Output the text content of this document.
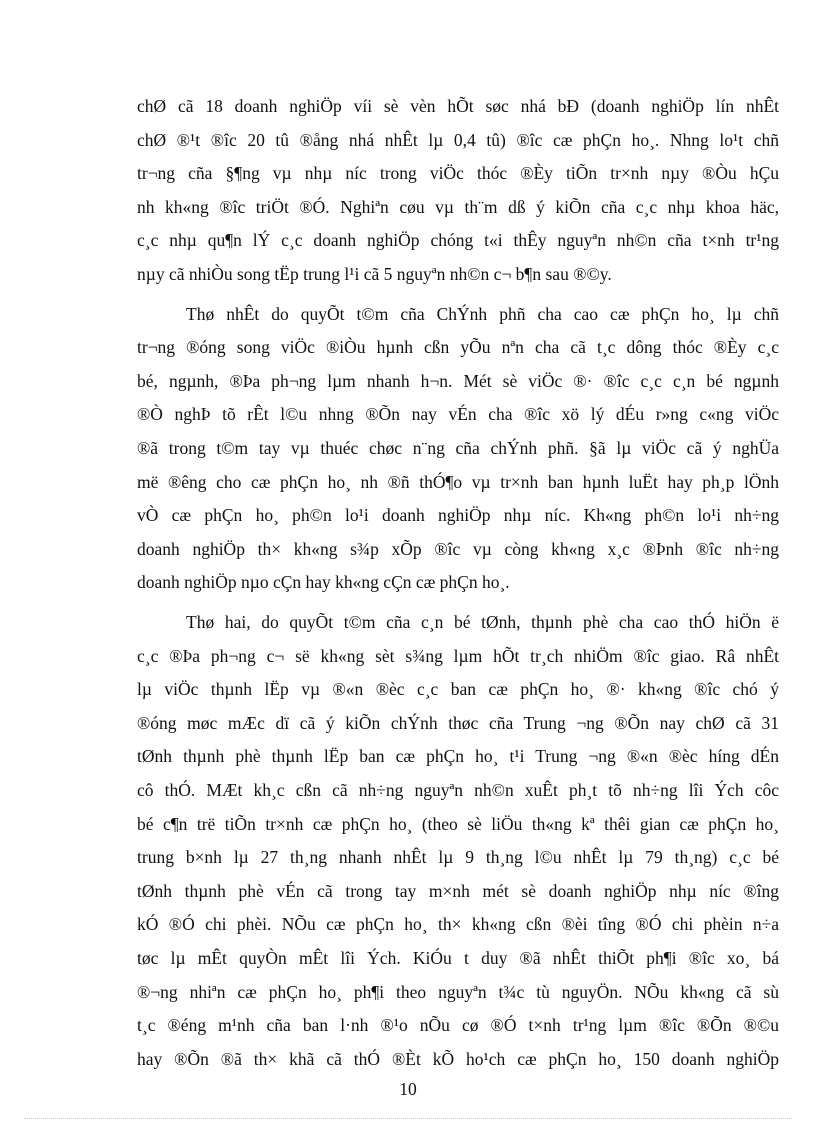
chØ cã 18 doanh nghiÖp víi sè vèn hÕt søc nhá bÐ (doanh nghiÖp lín nhÊt
chØ ®¹t ®îc 20 tû ®ång nhá nhÊt lµ 0,4 tû) ®îc cæ phÇn ho¸. Nhng lo¹t chñ
tr¬ng cña §¶ng vµ nhµ níc trong viÖc thóc ®Èy tiÕn tr×nh nµy ®Òu hÇu
nh kh«ng ®îc triÖt ®Ó. Nghiªn cøu vµ th¨m dß ý kiÕn cña c¸c nhµ khoa häc,
c¸c nhµ qu¶n lÝ c¸c doanh nghiÖp chóng t«i thÊy nguyªn nh©n cña t×nh tr¹ng
nµy cã nhiÒu song tËp trung l¹i cã 5 nguyªn nh©n c¬ b¶n sau ®©y.
Thø nhÊt do quyÕt t©m cña ChÝnh phñ cha cao cæ phÇn ho¸ lµ chñ
tr¬ng ®óng song viÖc ®iÒu hµnh cßn yÕu nªn cha cã t¸c dông thóc ®Èy c¸c
bé, ngµnh, ®Þa ph¬ng lµm nhanh h¬n. Mét sè viÖc ®· ®îc c¸c c¸n bé ngµnh
®Ò nghÞ tõ rÊt l©u nhng ®Õn nay vÉn cha ®îc xö lý dÉu r»ng c«ng viÖc
®ã trong t©m tay vµ thuéc chøc n¨ng cña chÝnh phñ. §ã lµ viÖc cã ý nghÜa
më ®êng cho cæ phÇn ho¸ nh ®ñ thÓ¶o vµ tr×nh ban hµnh luËt hay ph¸p lÖnh
vÒ cæ phÇn ho¸ ph©n lo¹i doanh nghiÖp nhµ níc. Kh«ng ph©n lo¹i nh÷ng
doanh nghiÖp th× kh«ng s¾p xÕp ®îc vµ còng kh«ng x¸c ®Þnh ®îc nh÷ng
doanh nghiÖp nµo cÇn hay kh«ng cÇn cæ phÇn ho¸.
Thø hai, do quyÕt t©m cña c¸n bé tØnh, thµnh phè cha cao thÓ hiÖn ë
c¸c ®Þa ph¬ng c¬ së kh«ng sèt s¾ng lµm hÕt tr¸ch nhiÖm ®îc giao. Râ nhÊt
lµ viÖc thµnh lËp vµ ®«n ®èc c¸c ban cæ phÇn ho¸ ®· kh«ng ®îc chó ý
®óng møc mÆc dï cã ý kiÕn chÝnh thøc cña Trung ¬ng ®Õn nay chØ cã 31
tØnh thµnh phè thµnh lËp ban cæ phÇn ho¸ t¹i Trung ¬ng ®«n ®èc híng dÉn
cô thÓ. MÆt kh¸c cßn cã nh÷ng nguyªn nh©n xuÊt ph¸t tõ nh÷ng lîi Ých côc
bé c¶n trë tiÕn tr×nh cæ phÇn ho¸ (theo sè liÖu th«ng kª thêi gian cæ phÇn ho¸
trung b×nh lµ 27 th¸ng nhanh nhÊt lµ 9 th¸ng l©u nhÊt lµ 79 th¸ng) c¸c bé
tØnh thµnh phè vÉn cã trong tay m×nh mét sè doanh nghiÖp nhµ níc ®îng
kÓ ®Ó chi phèi. NÕu cæ phÇn ho¸ th× kh«ng cßn ®èi tîng ®Ó chi phèin n÷a
tøc lµ mÊt quyÒn mÊt lîi Ých. KiÓu t duy ®ã nhÊt thiÕt ph¶i ®îc xo¸ bá
®¬ng nhiªn cæ phÇn ho¸ ph¶i theo nguyªn t¾c tù nguyÖn. NÕu kh«ng cã sù
t¸c ®éng m¹nh cña ban l·nh ®¹o nÕu cø ®Ó t×nh tr¹ng lµm ®îc ®Õn ®©u
10
hay ®Õn ®ã th× khã cã thÓ ®Èt kÕ ho¹ch cæ phÇn ho¸ 150 doanh nghiÖp
